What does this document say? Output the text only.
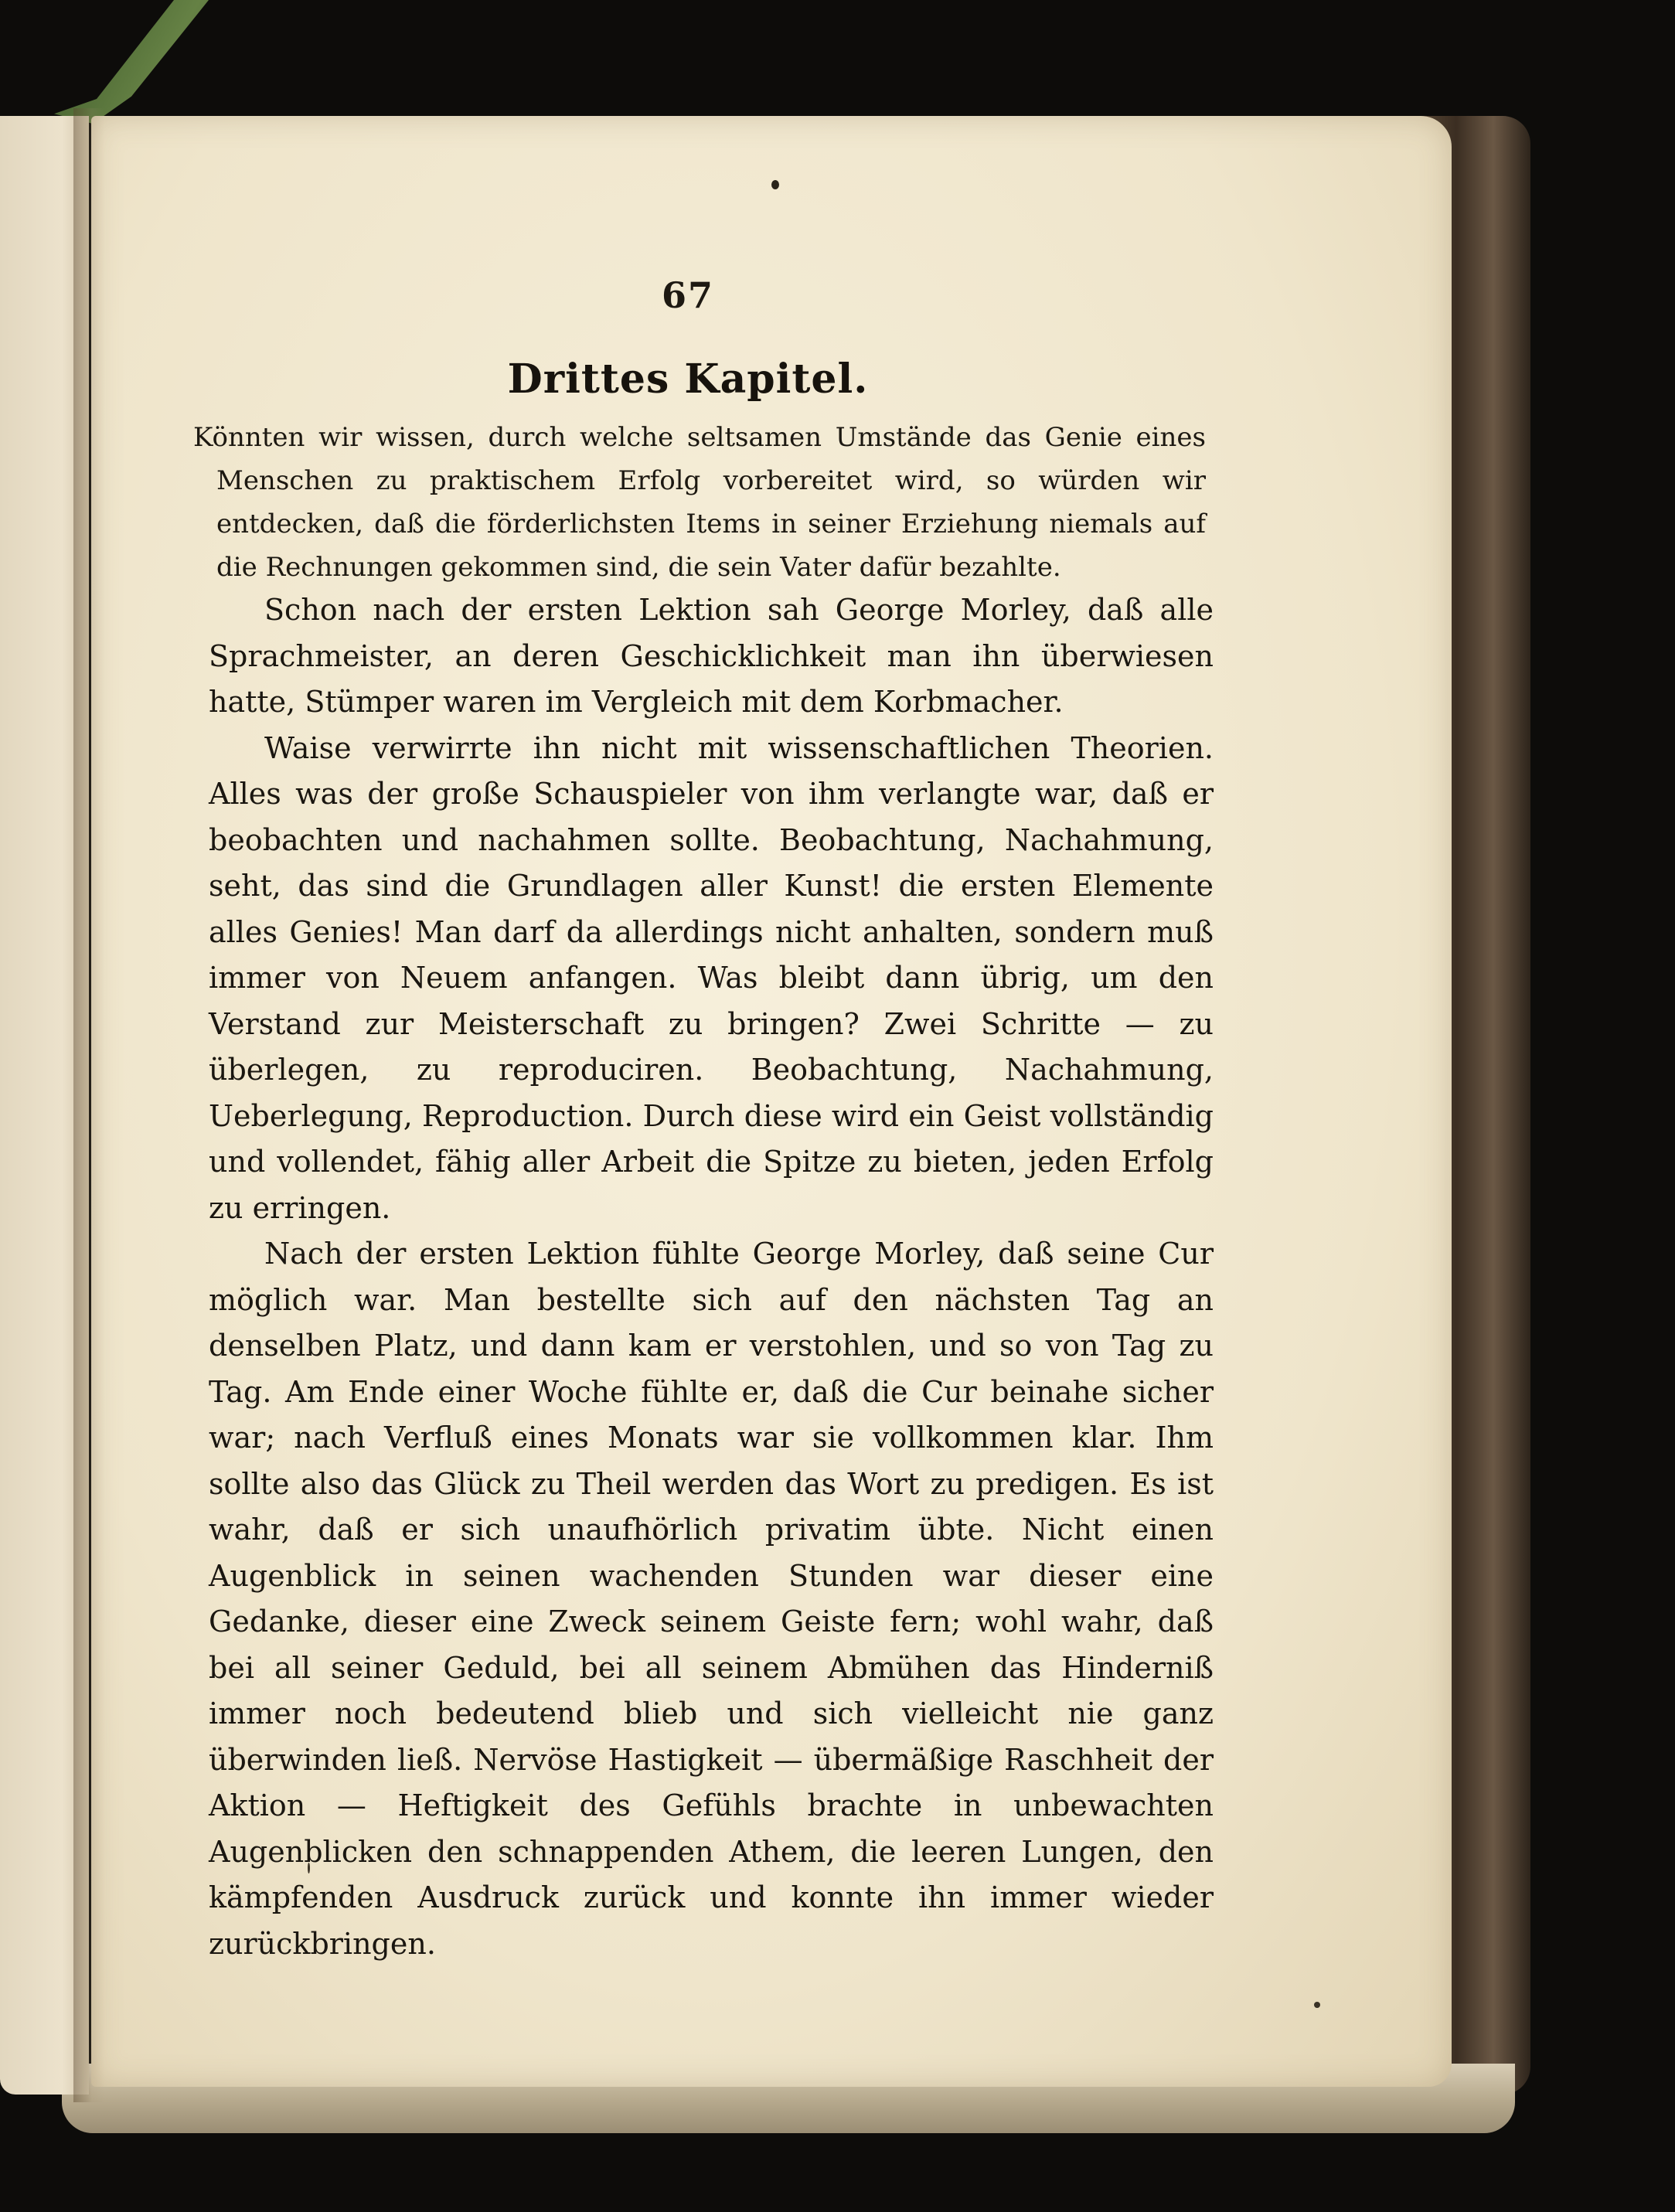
67
Drittes Kapitel.

Könnten wir wissen, durch welche seltsamen Umstände das Genie eines Menschen zu praktischem Erfolg vorbereitet wird, so würden wir entdecken, daß die förderlichsten Items in seiner Erziehung niemals auf die Rechnungen gekommen sind, die sein Vater dafür bezahlte.

Schon nach der ersten Lektion sah George Morley, daß alle Sprachmeister, an deren Geschicklichkeit man ihn überwiesen hatte, Stümper waren im Vergleich mit dem Korbmacher.

Waise verwirrte ihn nicht mit wissenschaftlichen Theorien. Alles was der große Schauspieler von ihm verlangte war, daß er beobachten und nachahmen sollte. Beobachtung, Nachahmung, seht, das sind die Grundlagen aller Kunst! die ersten Elemente alles Genies! Man darf da allerdings nicht anhalten, sondern muß immer von Neuem anfangen. Was bleibt dann übrig, um den Verstand zur Meisterschaft zu bringen? Zwei Schritte — zu überlegen, zu reproduciren. Beobachtung, Nachahmung, Ueberlegung, Reproduction. Durch diese wird ein Geist vollständig und vollendet, fähig aller Arbeit die Spitze zu bieten, jeden Erfolg zu erringen.

Nach der ersten Lektion fühlte George Morley, daß seine Cur möglich war. Man bestellte sich auf den nächsten Tag an denselben Platz, und dann kam er verstohlen, und so von Tag zu Tag. Am Ende einer Woche fühlte er, daß die Cur beinahe sicher war; nach Verfluß eines Monats war sie vollkommen klar. Ihm sollte also das Glück zu Theil werden das Wort zu predigen. Es ist wahr, daß er sich unaufhörlich privatim übte. Nicht einen Augenblick in seinen wachenden Stunden war dieser eine Gedanke, dieser eine Zweck seinem Geiste fern; wohl wahr, daß bei all seiner Geduld, bei all seinem Abmühen das Hinderniß immer noch bedeutend blieb und sich vielleicht nie ganz überwinden ließ. Nervöse Hastigkeit — übermäßige Raschheit der Aktion — Heftigkeit des Gefühls brachte in unbewachten Augenblicken den schnappenden Athem, die leeren Lungen, den kämpfenden Ausdruck zurück und konnte ihn immer wieder zurückbringen.
